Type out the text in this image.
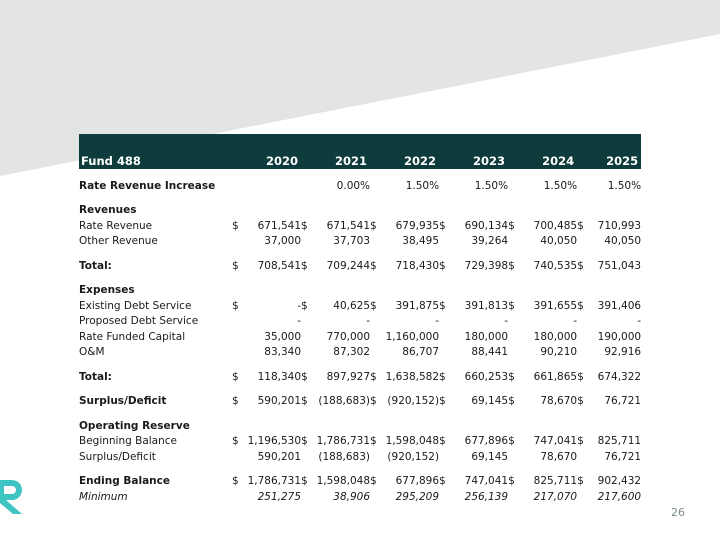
Fund 488	2020		2021		2022		2023		2024		2025	

Rate Revenue Increase			0.00%		1.50%		1.50%		1.50%		1.50%	

Revenues												
Rate Revenue	$	671,541	$	671,541	$	679,935	$	690,134	$	700,485	$	710,993
Other Revenue		37,000		37,703		38,495		39,264		40,050		40,050

Total:	$	708,541	$	709,244	$	718,430	$	729,398	$	740,535	$	751,043

Expenses												
Existing Debt Service	$	-	$	40,625	$	391,875	$	391,813	$	391,655	$	391,406
Proposed Debt Service		-		-		-		-		-		-
Rate Funded Capital		35,000		770,000		1,160,000		180,000		180,000		190,000
O&M		83,340		87,302		86,707		88,441		90,210		92,916

Total:	$	118,340	$	897,927	$	1,638,582	$	660,253	$	661,865	$	674,322

Surplus/Deficit	$	590,201	$	(188,683)	$	(920,152)	$	69,145	$	78,670	$	76,721

Operating Reserve												
Beginning Balance	$	1,196,530	$	1,786,731	$	1,598,048	$	677,896	$	747,041	$	825,711
Surplus/Deficit		590,201		(188,683)		(920,152)		69,145		78,670		76,721

Ending Balance	$	1,786,731	$	1,598,048	$	677,896	$	747,041	$	825,711	$	902,432
Minimum		251,275		38,906		295,209		256,139		217,070		217,600
26
